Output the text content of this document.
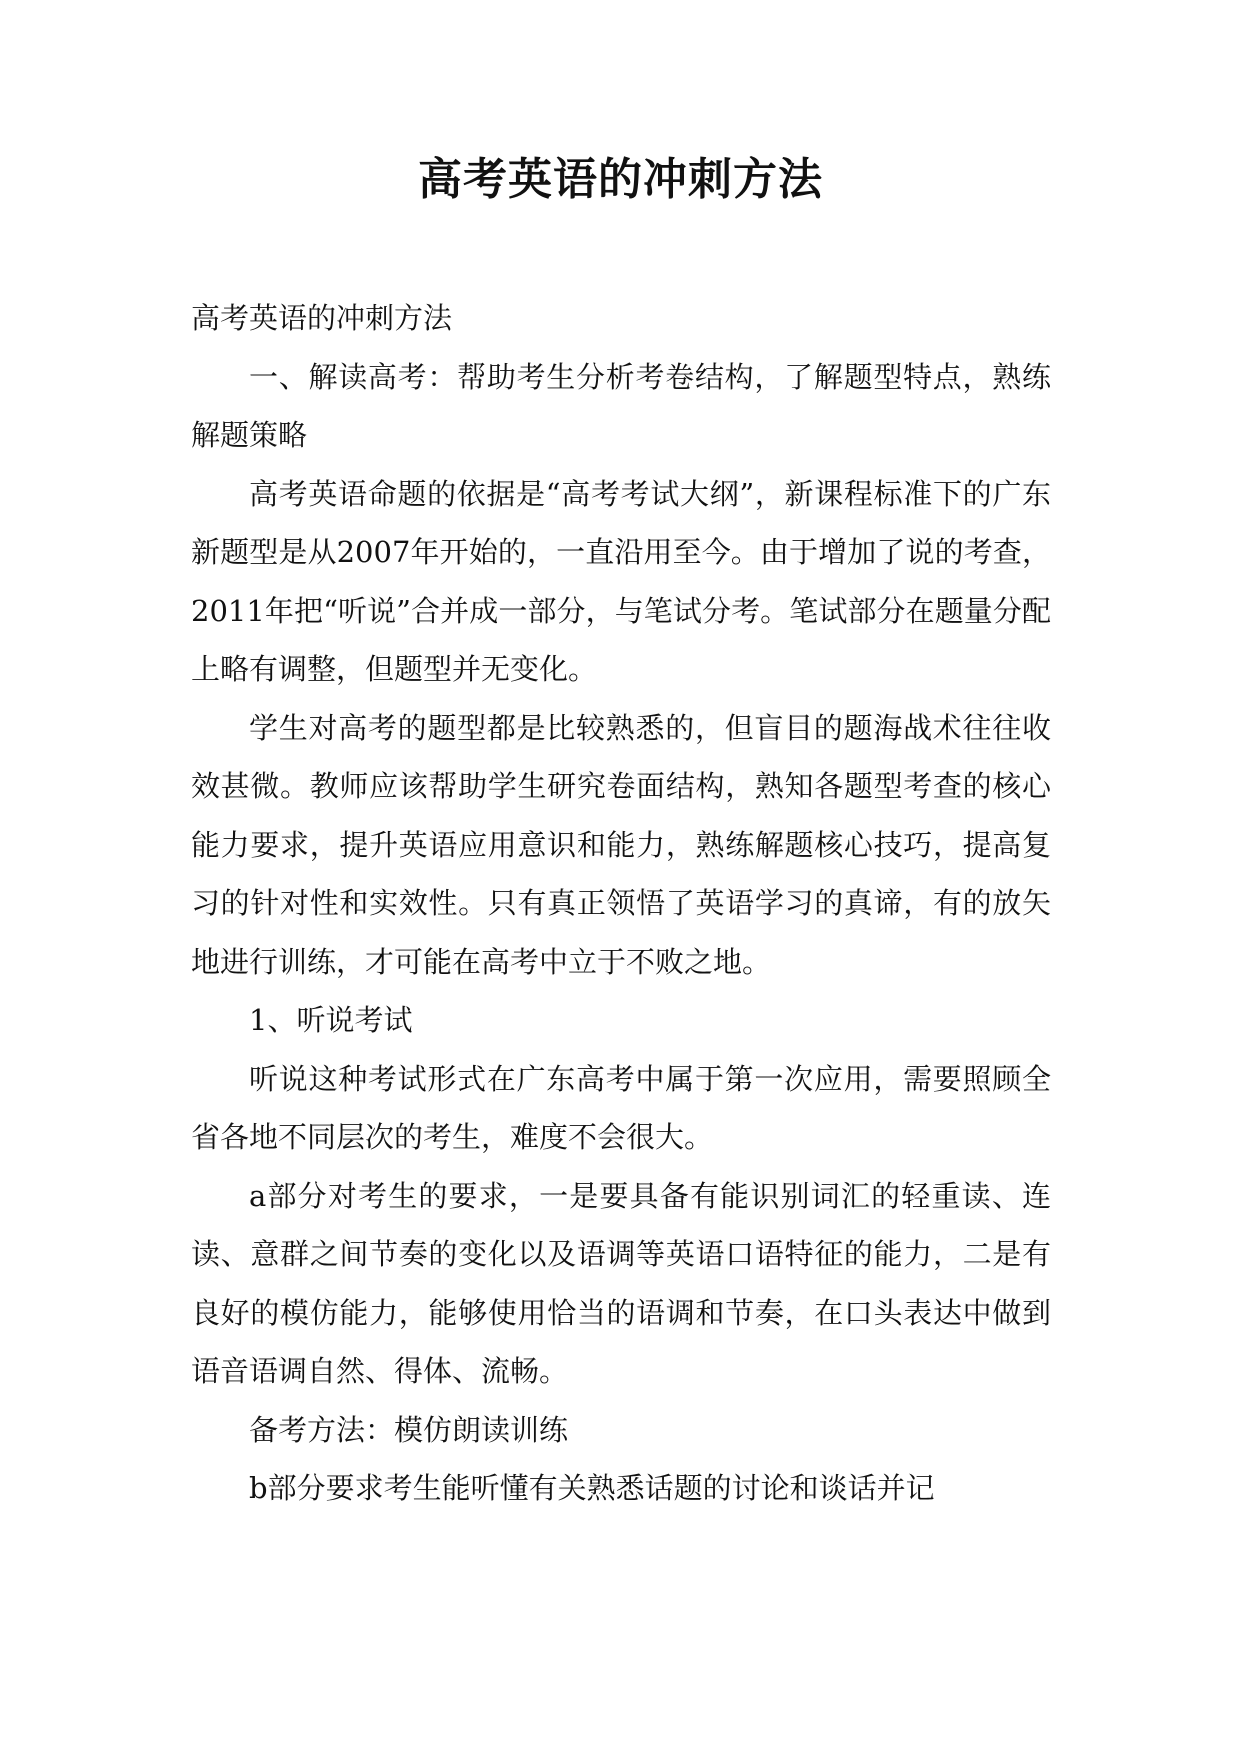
高考英语的冲刺方法

高考英语的冲刺方法

一、解读高考：帮助考生分析考卷结构，了解题型特点，熟练解题策略

高考英语命题的依据是“高考考试大纲”，新课程标准下的广东新题型是从2007年开始的，一直沿用至今。由于增加了说的考查，2011年把“听说”合并成一部分，与笔试分考。笔试部分在题量分配上略有调整，但题型并无变化。

学生对高考的题型都是比较熟悉的，但盲目的题海战术往往收效甚微。教师应该帮助学生研究卷面结构，熟知各题型考查的核心能力要求，提升英语应用意识和能力，熟练解题核心技巧，提高复习的针对性和实效性。只有真正领悟了英语学习的真谛，有的放矢地进行训练，才可能在高考中立于不败之地。

1、听说考试

听说这种考试形式在广东高考中属于第一次应用，需要照顾全省各地不同层次的考生，难度不会很大。

a部分对考生的要求，一是要具备有能识别词汇的轻重读、连读、意群之间节奏的变化以及语调等英语口语特征的能力，二是有良好的模仿能力，能够使用恰当的语调和节奏，在口头表达中做到语音语调自然、得体、流畅。

备考方法：模仿朗读训练

b部分要求考生能听懂有关熟悉话题的讨论和谈话并记
